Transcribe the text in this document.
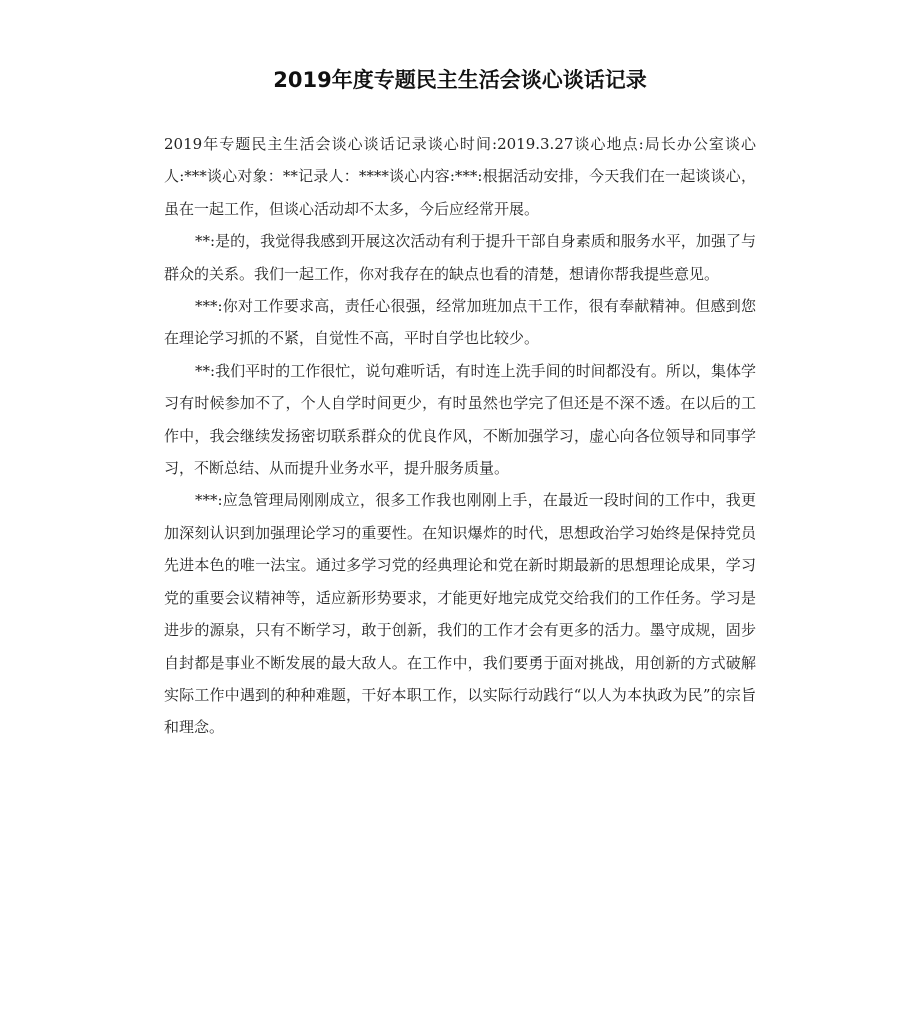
2019年度专题民主生活会谈心谈话记录

2019年专题民主生活会谈心谈话记录谈心时间:2019.3.27谈心地点:局长办公室谈心人:***谈心对象：**记录人：****谈心内容:***:根据活动安排，今天我们在一起谈谈心，虽在一起工作，但谈心活动却不太多，今后应经常开展。

**:是的，我觉得我感到开展这次活动有利于提升干部自身素质和服务水平，加强了与群众的关系。我们一起工作，你对我存在的缺点也看的清楚，想请你帮我提些意见。

***:你对工作要求高，责任心很强，经常加班加点干工作，很有奉献精神。但感到您在理论学习抓的不紧，自觉性不高，平时自学也比较少。

**:我们平时的工作很忙，说句难听话，有时连上洗手间的时间都没有。所以，集体学习有时候参加不了，个人自学时间更少，有时虽然也学完了但还是不深不透。在以后的工作中，我会继续发扬密切联系群众的优良作风，不断加强学习，虚心向各位领导和同事学习，不断总结、从而提升业务水平，提升服务质量。

***:应急管理局刚刚成立，很多工作我也刚刚上手，在最近一段时间的工作中，我更加深刻认识到加强理论学习的重要性。在知识爆炸的时代，思想政治学习始终是保持党员先进本色的唯一法宝。通过多学习党的经典理论和党在新时期最新的思想理论成果，学习党的重要会议精神等，适应新形势要求，才能更好地完成党交给我们的工作任务。学习是进步的源泉，只有不断学习，敢于创新，我们的工作才会有更多的活力。墨守成规，固步自封都是事业不断发展的最大敌人。在工作中，我们要勇于面对挑战，用创新的方式破解实际工作中遇到的种种难题，干好本职工作，以实际行动践行“以人为本执政为民”的宗旨和理念。
